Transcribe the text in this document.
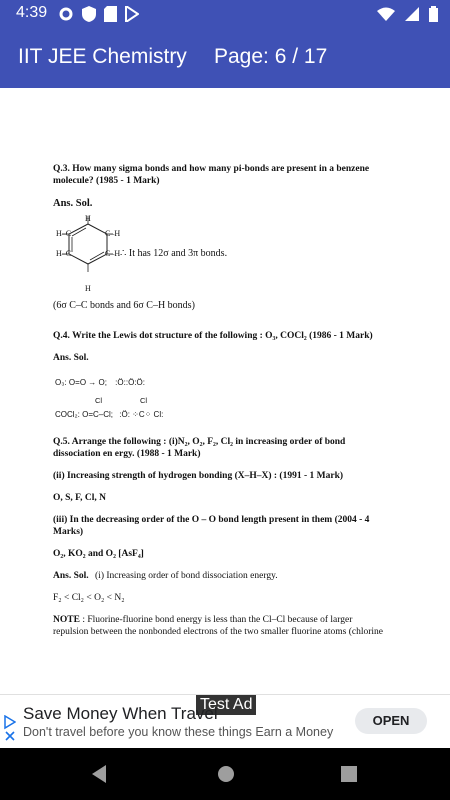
4:39
IIT JEE Chemistry Page: 6 / 17
Q.3. How many sigma bonds and how many pi-bonds are present in a benzene
molecule? (1985 - 1 Mark)
Ans. Sol.
H
H
H–C
H–C
C–H
C–H ∴ It has 12σ and 3π bonds.
(6σ C–C bonds and 6σ C–H bonds)
Q.4. Write the Lewis dot structure of the following : O₃, COCl₂ (1986 - 1 Mark)
Ans. Sol.
O₃: O=O → O; :Ö::Ö:Ö:
Cl	Cl
COCl₂: O=C–Cl; :Ö: ⁘C⁘ Cl:
Q.5. Arrange the following : (i)N₂, O₂, F₂, Cl₂ in increasing order of bond
dissociation en ergy. (1988 - 1 Mark)
(ii) Increasing strength of hydrogen bonding (X–H–X) : (1991 - 1 Mark)
O, S, F, Cl, N
(iii) In the decreasing order of the O – O bond length present in them (2004 - 4
Marks)
O₂, KO₂ and O₂ [AsF₄]
Ans. Sol. (i) Increasing order of bond dissociation energy.
F₂ < Cl₂ < O₂ < N₂
NOTE : Fluorine-fluorine bond energy is less than the Cl–Cl because of larger
repulsion between the nonbonded electrons of the two smaller fluorine atoms (chlorine
Test Ad
Save Money When Travel
Don't travel before you know these things Earn a Money
OPEN
